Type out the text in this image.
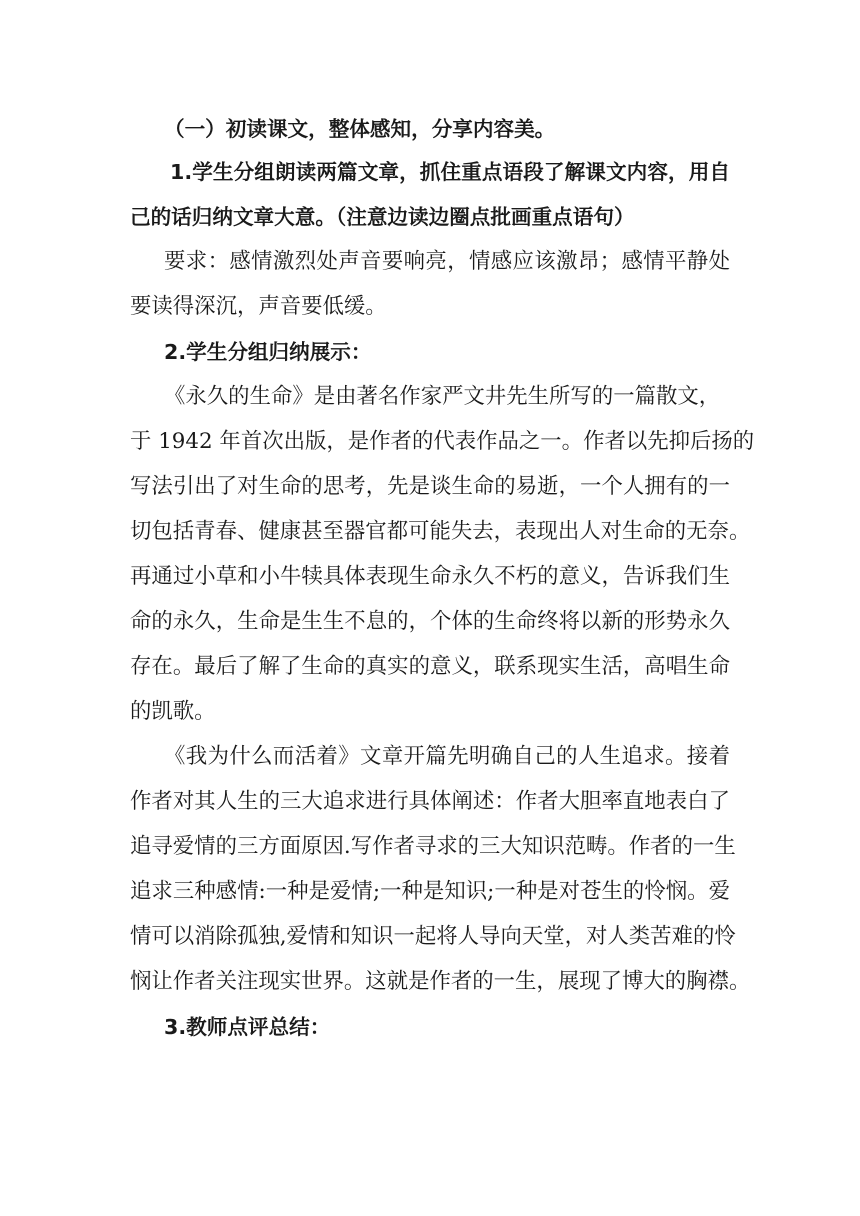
（一）初读课文，整体感知，分享内容美。
1.学生分组朗读两篇文章，抓住重点语段了解课文内容，用自
己的话归纳文章大意。（注意边读边圈点批画重点语句）
要求：感情激烈处声音要响亮，情感应该激昂；感情平静处
要读得深沉，声音要低缓。
2.学生分组归纳展示：
《永久的生命》是由著名作家严文井先生所写的一篇散文，
于 1942 年首次出版，是作者的代表作品之一。作者以先抑后扬的
写法引出了对生命的思考，先是谈生命的易逝，一个人拥有的一
切包括青春、健康甚至器官都可能失去，表现出人对生命的无奈。
再通过小草和小牛犊具体表现生命永久不朽的意义，告诉我们生
命的永久，生命是生生不息的，个体的生命终将以新的形势永久
存在。最后了解了生命的真实的意义，联系现实生活，高唱生命
的凯歌。
《我为什么而活着》文章开篇先明确自己的人生追求。接着
作者对其人生的三大追求进行具体阐述：作者大胆率直地表白了
追寻爱情的三方面原因.写作者寻求的三大知识范畴。作者的一生
追求三种感情:一种是爱情;一种是知识;一种是对苍生的怜悯。爱
情可以消除孤独,爱情和知识一起将人导向天堂，对人类苦难的怜
悯让作者关注现实世界。这就是作者的一生，展现了博大的胸襟。
3.教师点评总结：
